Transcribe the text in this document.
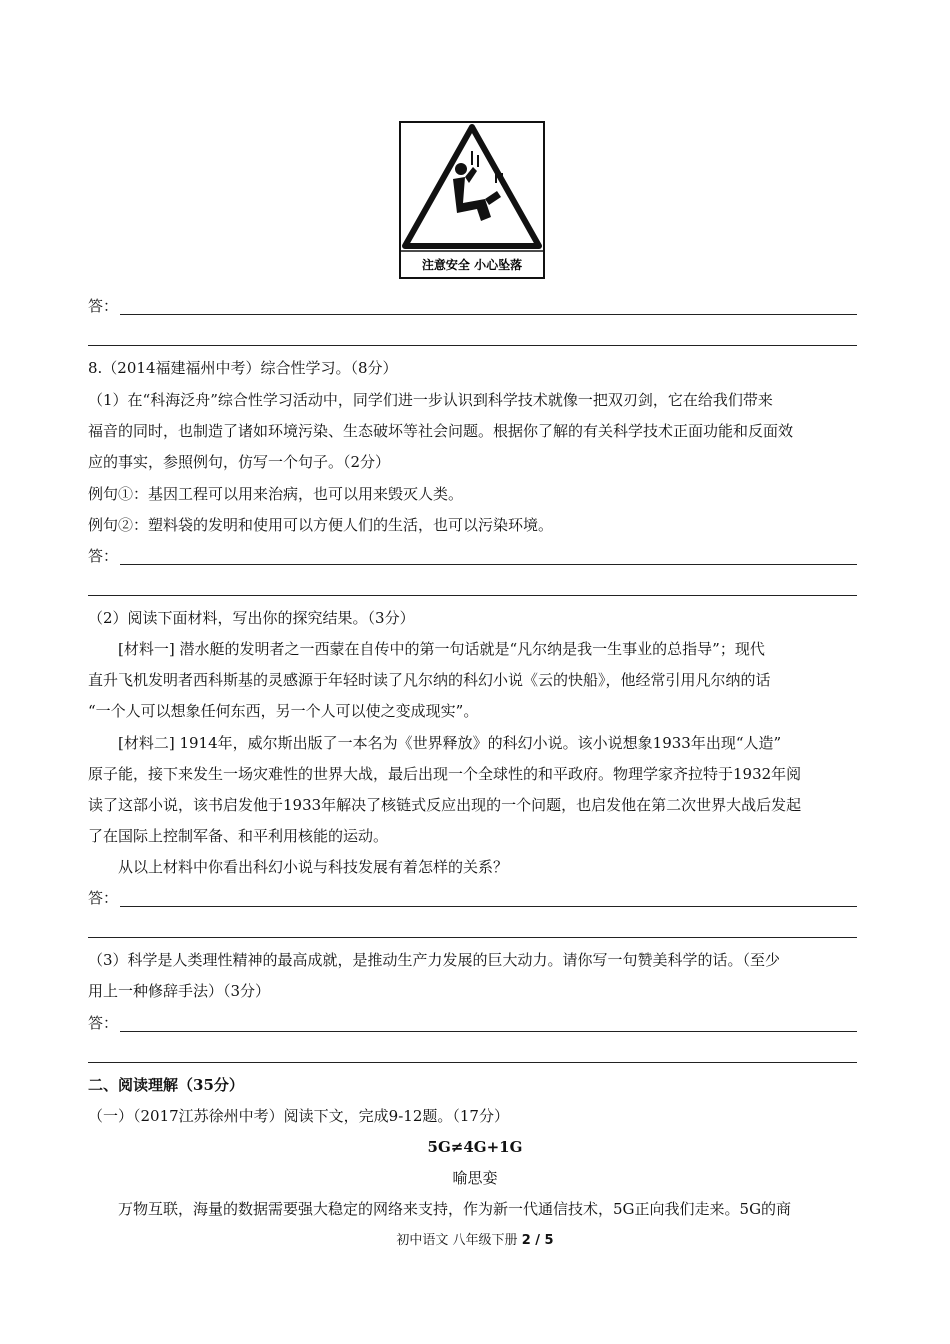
注意安全 小心坠落
答：
8.（2014福建福州中考）综合性学习。（8分）
（1）在“科海泛舟”综合性学习活动中，同学们进一步认识到科学技术就像一把双刃剑，它在给我们带来
福音的同时，也制造了诸如环境污染、生态破坏等社会问题。根据你了解的有关科学技术正面功能和反面效
应的事实，参照例句，仿写一个句子。（2分）
例句①：基因工程可以用来治病，也可以用来毁灭人类。
例句②：塑料袋的发明和使用可以方便人们的生活，也可以污染环境。
答：
（2）阅读下面材料，写出你的探究结果。（3分）
[材料一] 潜水艇的发明者之一西蒙在自传中的第一句话就是“凡尔纳是我一生事业的总指导”；现代
直升飞机发明者西科斯基的灵感源于年轻时读了凡尔纳的科幻小说《云的快船》，他经常引用凡尔纳的话
“一个人可以想象任何东西，另一个人可以使之变成现实”。
[材料二] 1914年，威尔斯出版了一本名为《世界释放》的科幻小说。该小说想象1933年出现“人造”
原子能，接下来发生一场灾难性的世界大战，最后出现一个全球性的和平政府。物理学家齐拉特于1932年阅
读了这部小说，该书启发他于1933年解决了核链式反应出现的一个问题，也启发他在第二次世界大战后发起
了在国际上控制军备、和平利用核能的运动。
从以上材料中你看出科幻小说与科技发展有着怎样的关系？
答：
（3）科学是人类理性精神的最高成就，是推动生产力发展的巨大动力。请你写一句赞美科学的话。（至少
用上一种修辞手法）（3分）
答：
二、阅读理解（35分）
（一）（2017江苏徐州中考）阅读下文，完成9-12题。（17分）
5G≠4G+1G
喻思娈
万物互联，海量的数据需要强大稳定的网络来支持，作为新一代通信技术，5G正向我们走来。5G的商
初中语文 八年级下册 2 / 5
